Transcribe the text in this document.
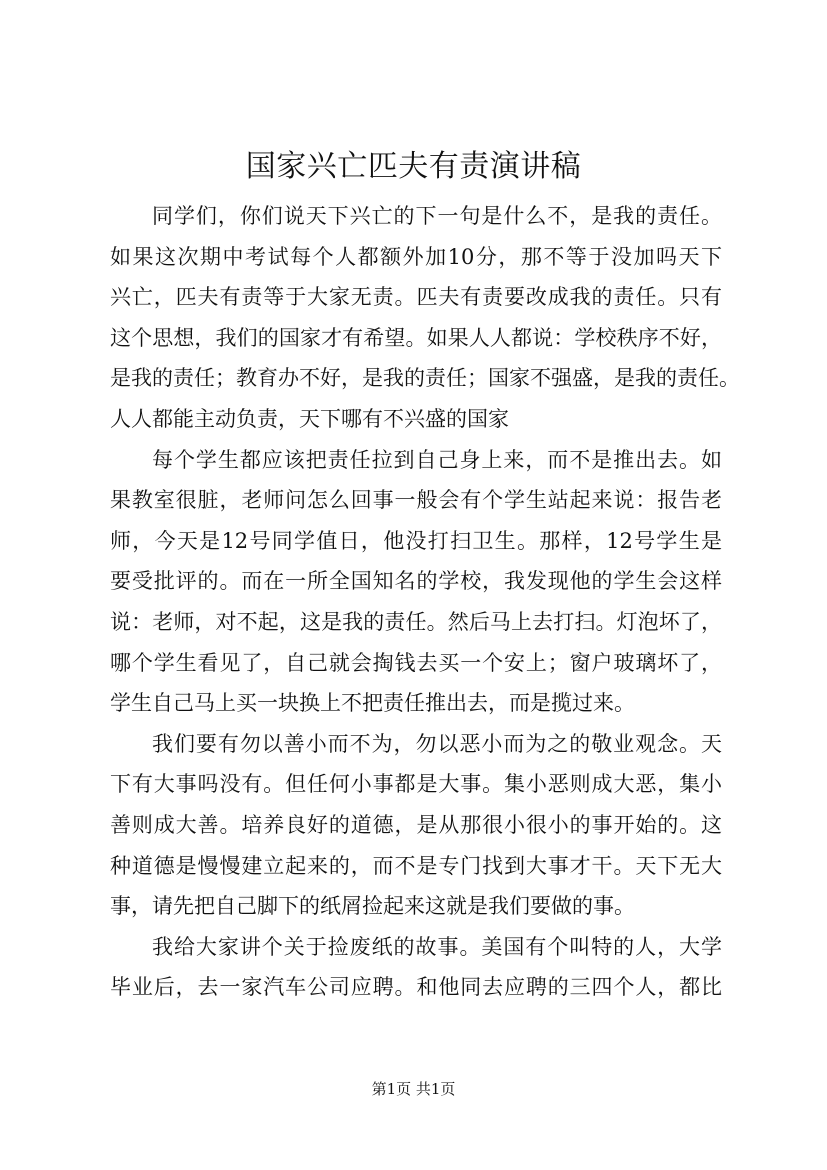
国家兴亡匹夫有责演讲稿
同学们，你们说天下兴亡的下一句是什么不，是我的责任。
如果这次期中考试每个人都额外加10分，那不等于没加吗天下
兴亡，匹夫有责等于大家无责。匹夫有责要改成我的责任。只有
这个思想，我们的国家才有希望。如果人人都说：学校秩序不好，
是我的责任；教育办不好，是我的责任；国家不强盛，是我的责任。
人人都能主动负责，天下哪有不兴盛的国家
每个学生都应该把责任拉到自己身上来，而不是推出去。如
果教室很脏，老师问怎么回事一般会有个学生站起来说：报告老
师，今天是12号同学值日，他没打扫卫生。那样，12号学生是
要受批评的。而在一所全国知名的学校，我发现他的学生会这样
说：老师，对不起，这是我的责任。然后马上去打扫。灯泡坏了，
哪个学生看见了，自己就会掏钱去买一个安上；窗户玻璃坏了，
学生自己马上买一块换上不把责任推出去，而是揽过来。
我们要有勿以善小而不为，勿以恶小而为之的敬业观念。天
下有大事吗没有。但任何小事都是大事。集小恶则成大恶，集小
善则成大善。培养良好的道德，是从那很小很小的事开始的。这
种道德是慢慢建立起来的，而不是专门找到大事才干。天下无大
事，请先把自己脚下的纸屑捡起来这就是我们要做的事。
我给大家讲个关于捡废纸的故事。美国有个叫特的人，大学
毕业后，去一家汽车公司应聘。和他同去应聘的三四个人，都比
第1页 共1页
